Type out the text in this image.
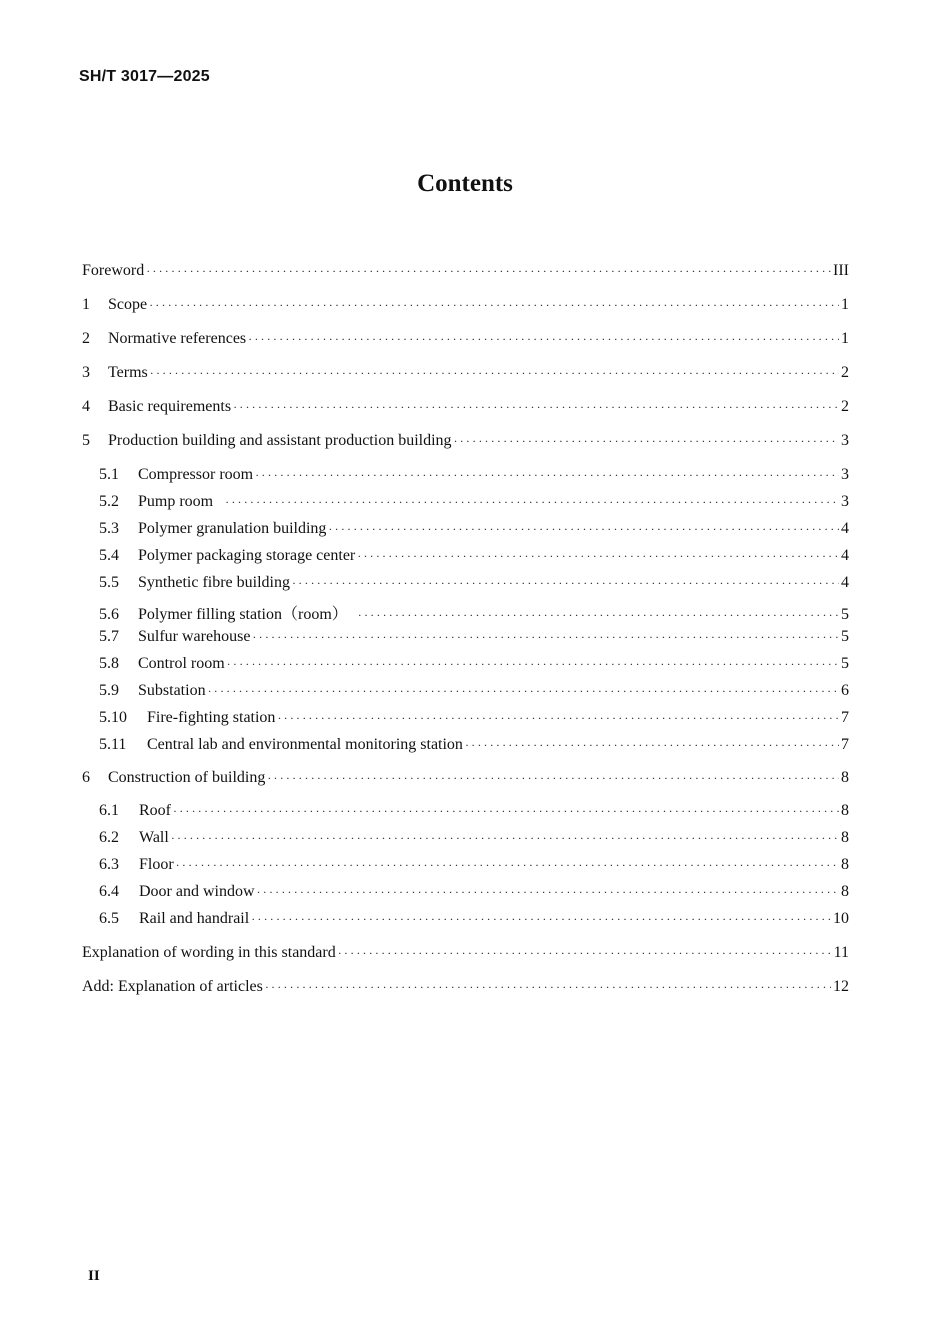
SH/T 3017—2025
Contents
Foreword ·····	III
1	Scope ·····	1
2	Normative references ·····	1
3	Terms ·····	2
4	Basic requirements ·····	2
5	Production building and assistant production building ·····	3
5.1	Compressor room ·····	3
5.2	Pump room ·····	3
5.3	Polymer granulation building ·····	4
5.4	Polymer packaging storage center ·····	4
5.5	Synthetic fibre building ·····	4
5.6	Polymer filling station（room） ·····	5
5.7	Sulfur warehouse ·····	5
5.8	Control room ·····	5
5.9	Substation ·····	6
5.10	Fire-fighting station ·····	7
5.11	Central lab and environmental monitoring station ·····	7
6	Construction of building ·····	8
6.1	Roof ·····	8
6.2	Wall ·····	8
6.3	Floor ·····	8
6.4	Door and window ·····	8
6.5	Rail and handrail ·····	10
Explanation of wording in this standard ·····	11
Add: Explanation of articles ·····	12
II
